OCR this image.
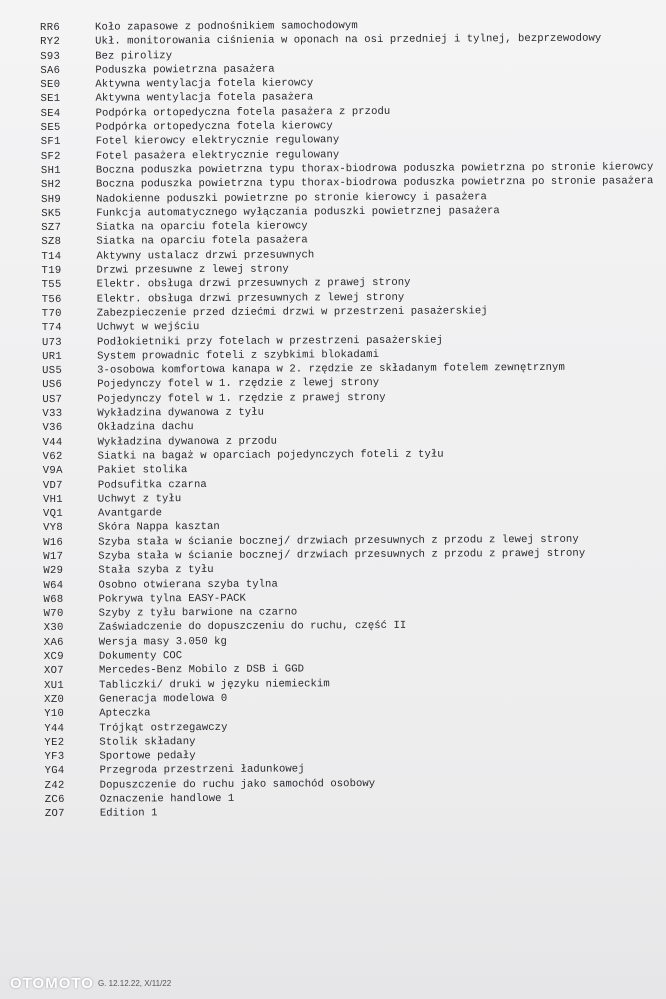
RR6	Koło zapasowe z podnośnikiem samochodowym
RY2	Ukł. monitorowania ciśnienia w oponach na osi przedniej i tylnej, bezprzewodowy
S93	Bez pirolizy
SA6	Poduszka powietrzna pasażera
SE0	Aktywna wentylacja fotela kierowcy
SE1	Aktywna wentylacja fotela pasażera
SE4	Podpórka ortopedyczna fotela pasażera z przodu
SE5	Podpórka ortopedyczna fotela kierowcy
SF1	Fotel kierowcy elektrycznie regulowany
SF2	Fotel pasażera elektrycznie regulowany
SH1	Boczna poduszka powietrzna typu thorax-biodrowa poduszka powietrzna po stronie kierowcy
SH2	Boczna poduszka powietrzna typu thorax-biodrowa poduszka powietrzna po stronie pasażera
SH9	Nadokienne poduszki powietrzne po stronie kierowcy i pasażera
SK5	Funkcja automatycznego wyłączania poduszki powietrznej pasażera
SZ7	Siatka na oparciu fotela kierowcy
SZ8	Siatka na oparciu fotela pasażera
T14	Aktywny ustalacz drzwi przesuwnych
T19	Drzwi przesuwne z lewej strony
T55	Elektr. obsługa drzwi przesuwnych z prawej strony
T56	Elektr. obsługa drzwi przesuwnych z lewej strony
T70	Zabezpieczenie przed dziećmi drzwi w przestrzeni pasażerskiej
T74	Uchwyt w wejściu
U73	Podłokietniki przy fotelach w przestrzeni pasażerskiej
UR1	System prowadnic foteli z szybkimi blokadami
US5	3-osobowa komfortowa kanapa w 2. rzędzie ze składanym fotelem zewnętrznym
US6	Pojedynczy fotel w 1. rzędzie z lewej strony
US7	Pojedynczy fotel w 1. rzędzie z prawej strony
V33	Wykładzina dywanowa z tyłu
V36	Okładzina dachu
V44	Wykładzina dywanowa z przodu
V62	Siatki na bagaż w oparciach pojedynczych foteli z tyłu
V9A	Pakiet stolika
VD7	Podsufitka czarna
VH1	Uchwyt z tyłu
VQ1	Avantgarde
VY8	Skóra Nappa kasztan
W16	Szyba stała w ścianie bocznej/ drzwiach przesuwnych z przodu z lewej strony
W17	Szyba stała w ścianie bocznej/ drzwiach przesuwnych z przodu z prawej strony
W29	Stała szyba z tyłu
W64	Osobno otwierana szyba tylna
W68	Pokrywa tylna EASY-PACK
W70	Szyby z tyłu barwione na czarno
X30	Zaświadczenie do dopuszczeniu do ruchu, część II
XA6	Wersja masy 3.050 kg
XC9	Dokumenty COC
XO7	Mercedes-Benz Mobilo z DSB i GGD
XU1	Tabliczki/ druki w języku niemieckim
XZ0	Generacja modelowa 0
Y10	Apteczka
Y44	Trójkąt ostrzegawczy
YE2	Stolik składany
YF3	Sportowe pedały
YG4	Przegroda przestrzeni ładunkowej
Z42	Dopuszczenie do ruchu jako samochód osobowy
ZC6	Oznaczenie handlowe 1
ZO7	Edition 1
OTOMOTO G. 12.12.22, X/11/22
